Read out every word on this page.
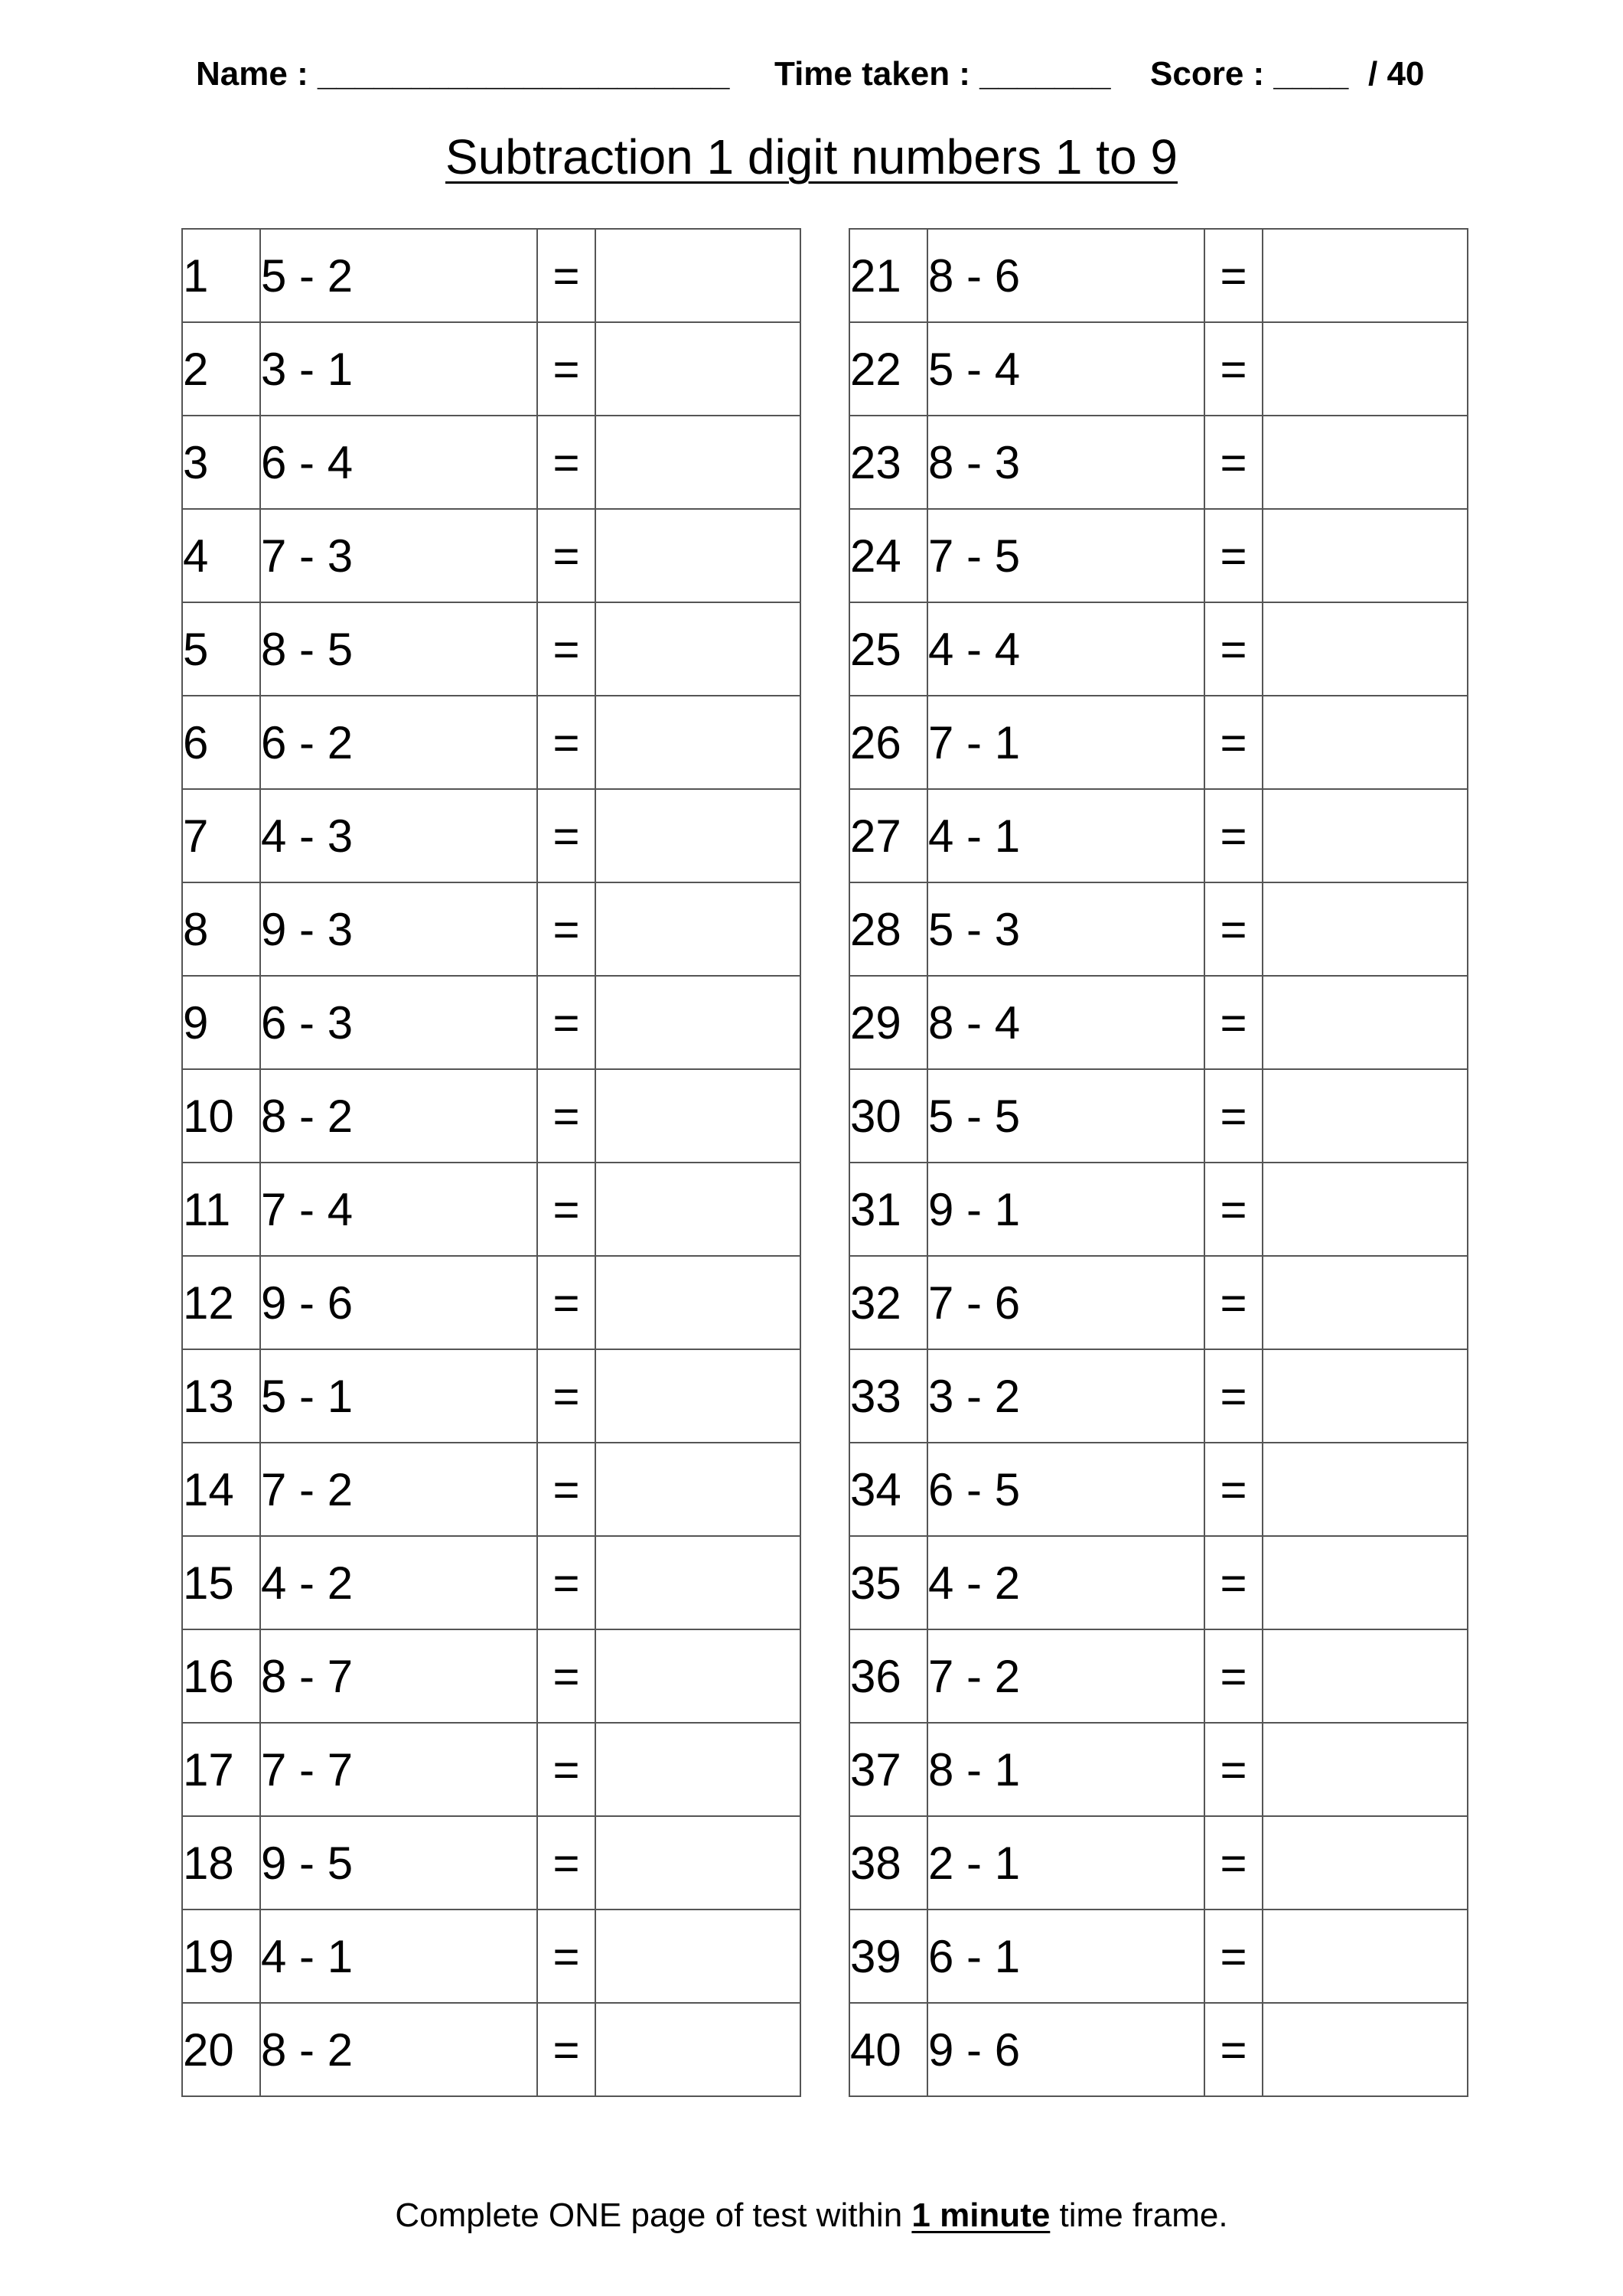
Name : ______________________ Time taken : _______ Score : ____ / 40
Subtraction 1 digit numbers 1 to 9
1	5 - 2	=	
2	3 - 1	=	
3	6 - 4	=	
4	7 - 3	=	
5	8 - 5	=	
6	6 - 2	=	
7	4 - 3	=	
8	9 - 3	=	
9	6 - 3	=	
10	8 - 2	=	
11	7 - 4	=	
12	9 - 6	=	
13	5 - 1	=	
14	7 - 2	=	
15	4 - 2	=	
16	8 - 7	=	
17	7 - 7	=	
18	9 - 5	=	
19	4 - 1	=	
20	8 - 2	=	
21	8 - 6	=	
22	5 - 4	=	
23	8 - 3	=	
24	7 - 5	=	
25	4 - 4	=	
26	7 - 1	=	
27	4 - 1	=	
28	5 - 3	=	
29	8 - 4	=	
30	5 - 5	=	
31	9 - 1	=	
32	7 - 6	=	
33	3 - 2	=	
34	6 - 5	=	
35	4 - 2	=	
36	7 - 2	=	
37	8 - 1	=	
38	2 - 1	=	
39	6 - 1	=	
40	9 - 6	=	
Complete ONE page of test within 1 minute time frame.
